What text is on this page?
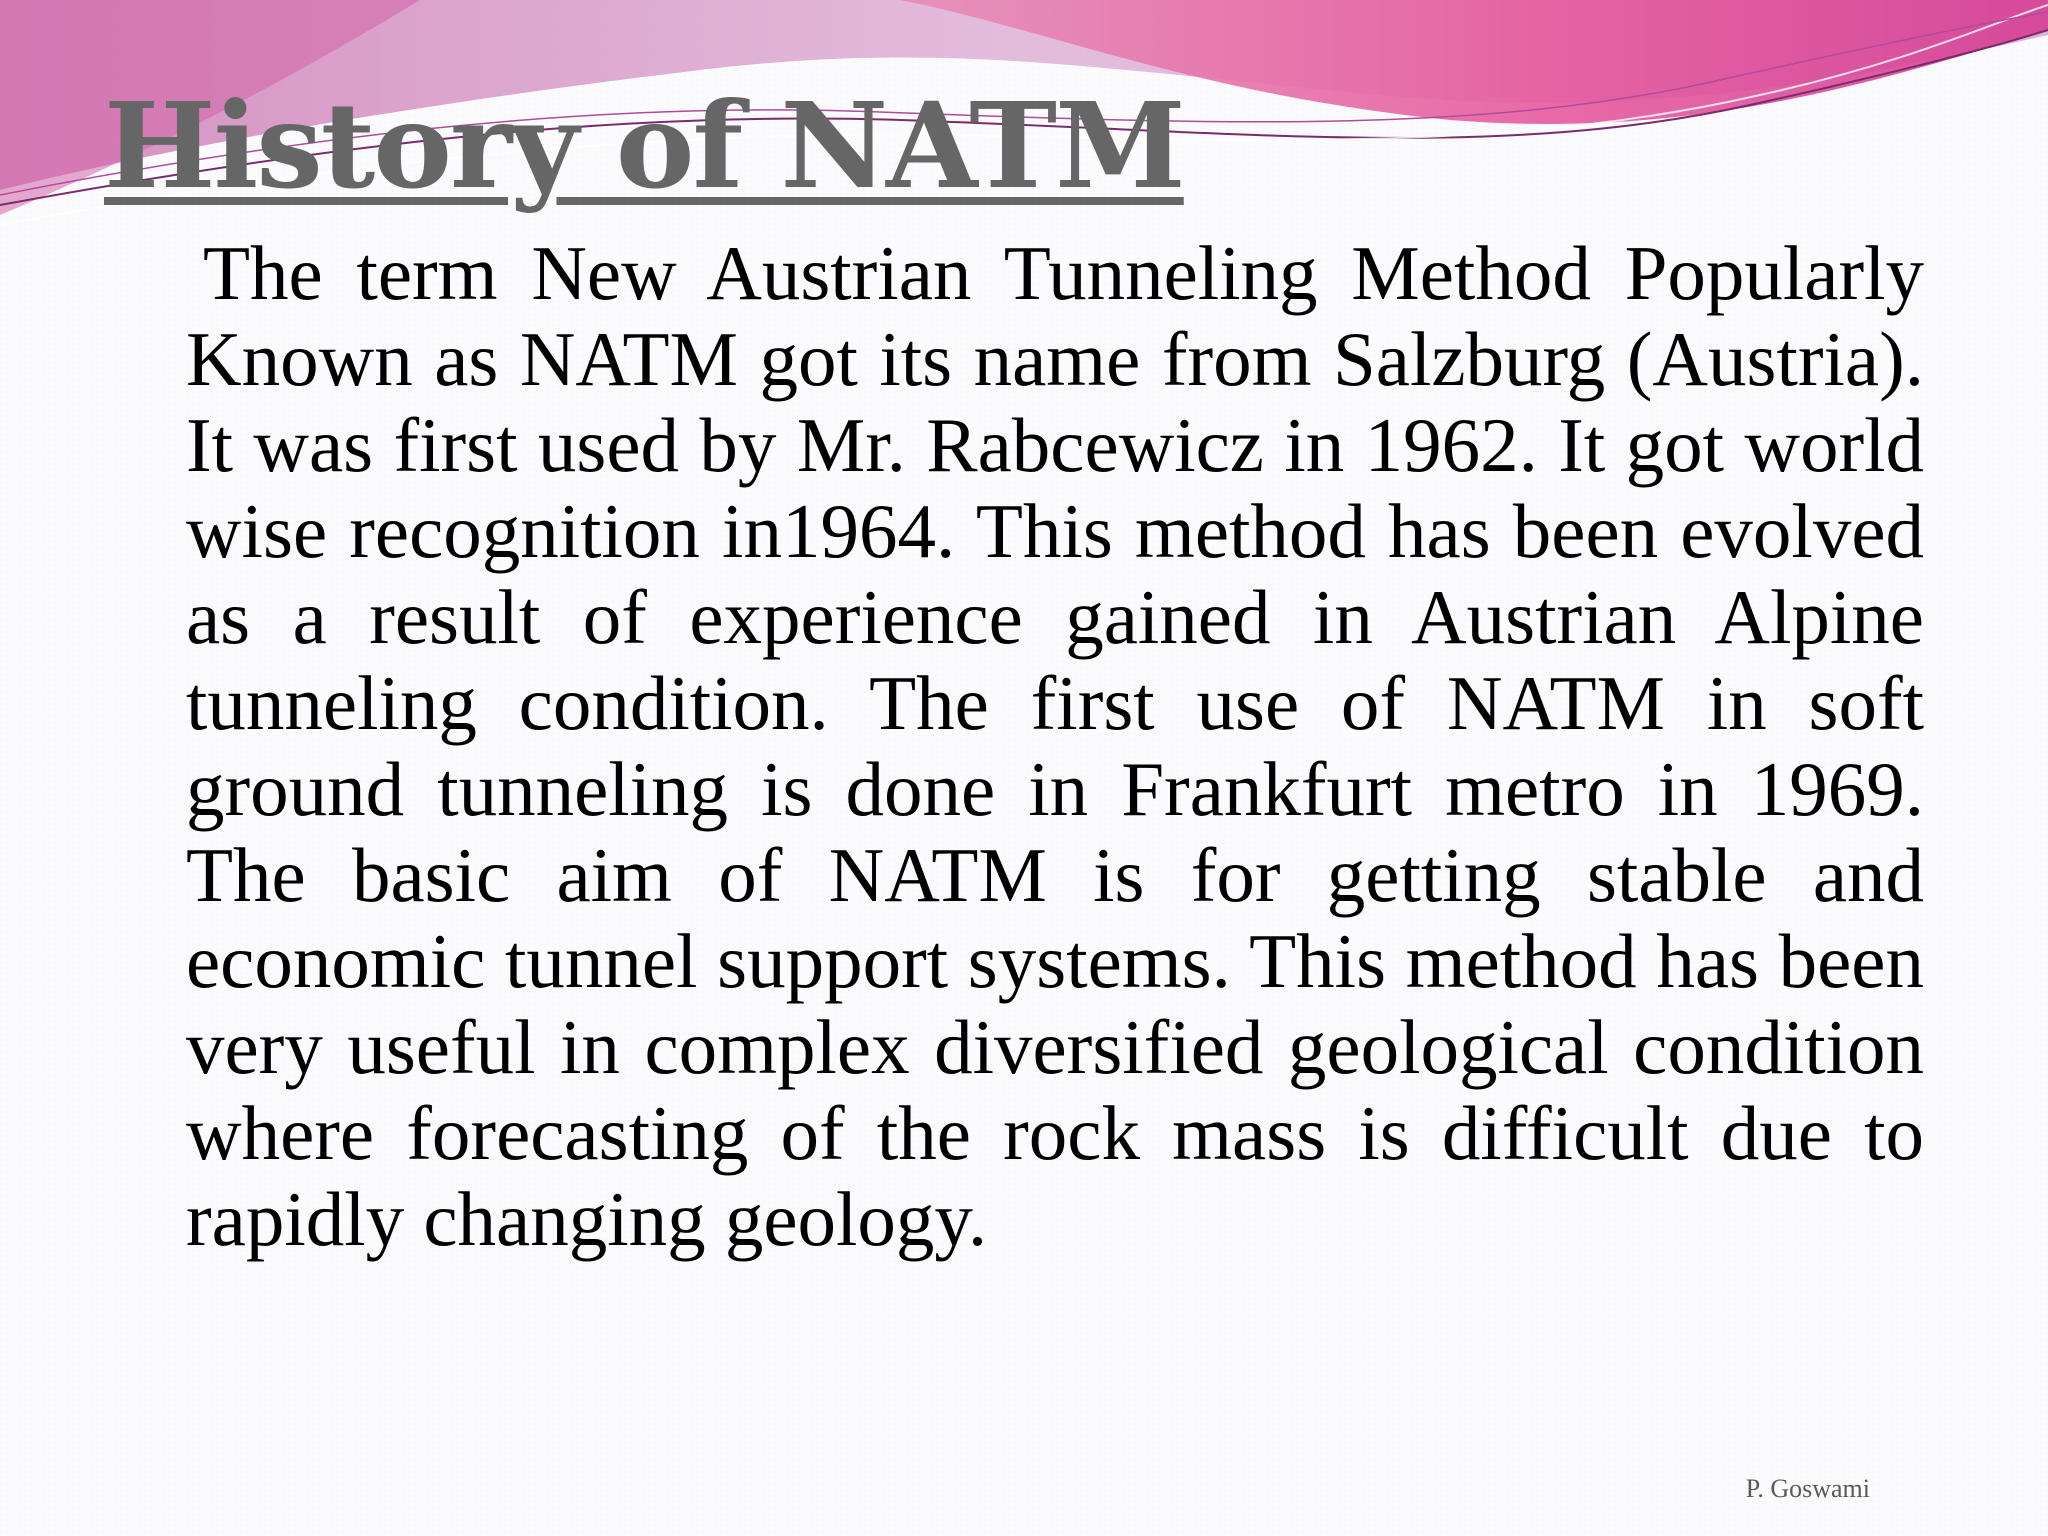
History of NATM

The term New Austrian Tunneling Method Popularly Known as NATM got its name from Salzburg (Austria). It was first used by Mr. Rabcewicz in 1962. It got world wise recognition in1964. This method has been evolved as a result of experience gained in Austrian Alpine tunneling condition. The first use of NATM in soft ground tunneling is done in Frankfurt metro in 1969. The basic aim of NATM is for getting stable and economic tunnel support systems. This method has been very useful in complex diversified geological condition where forecasting of the rock mass is difficult due to rapidly changing geology.

P. Goswami
